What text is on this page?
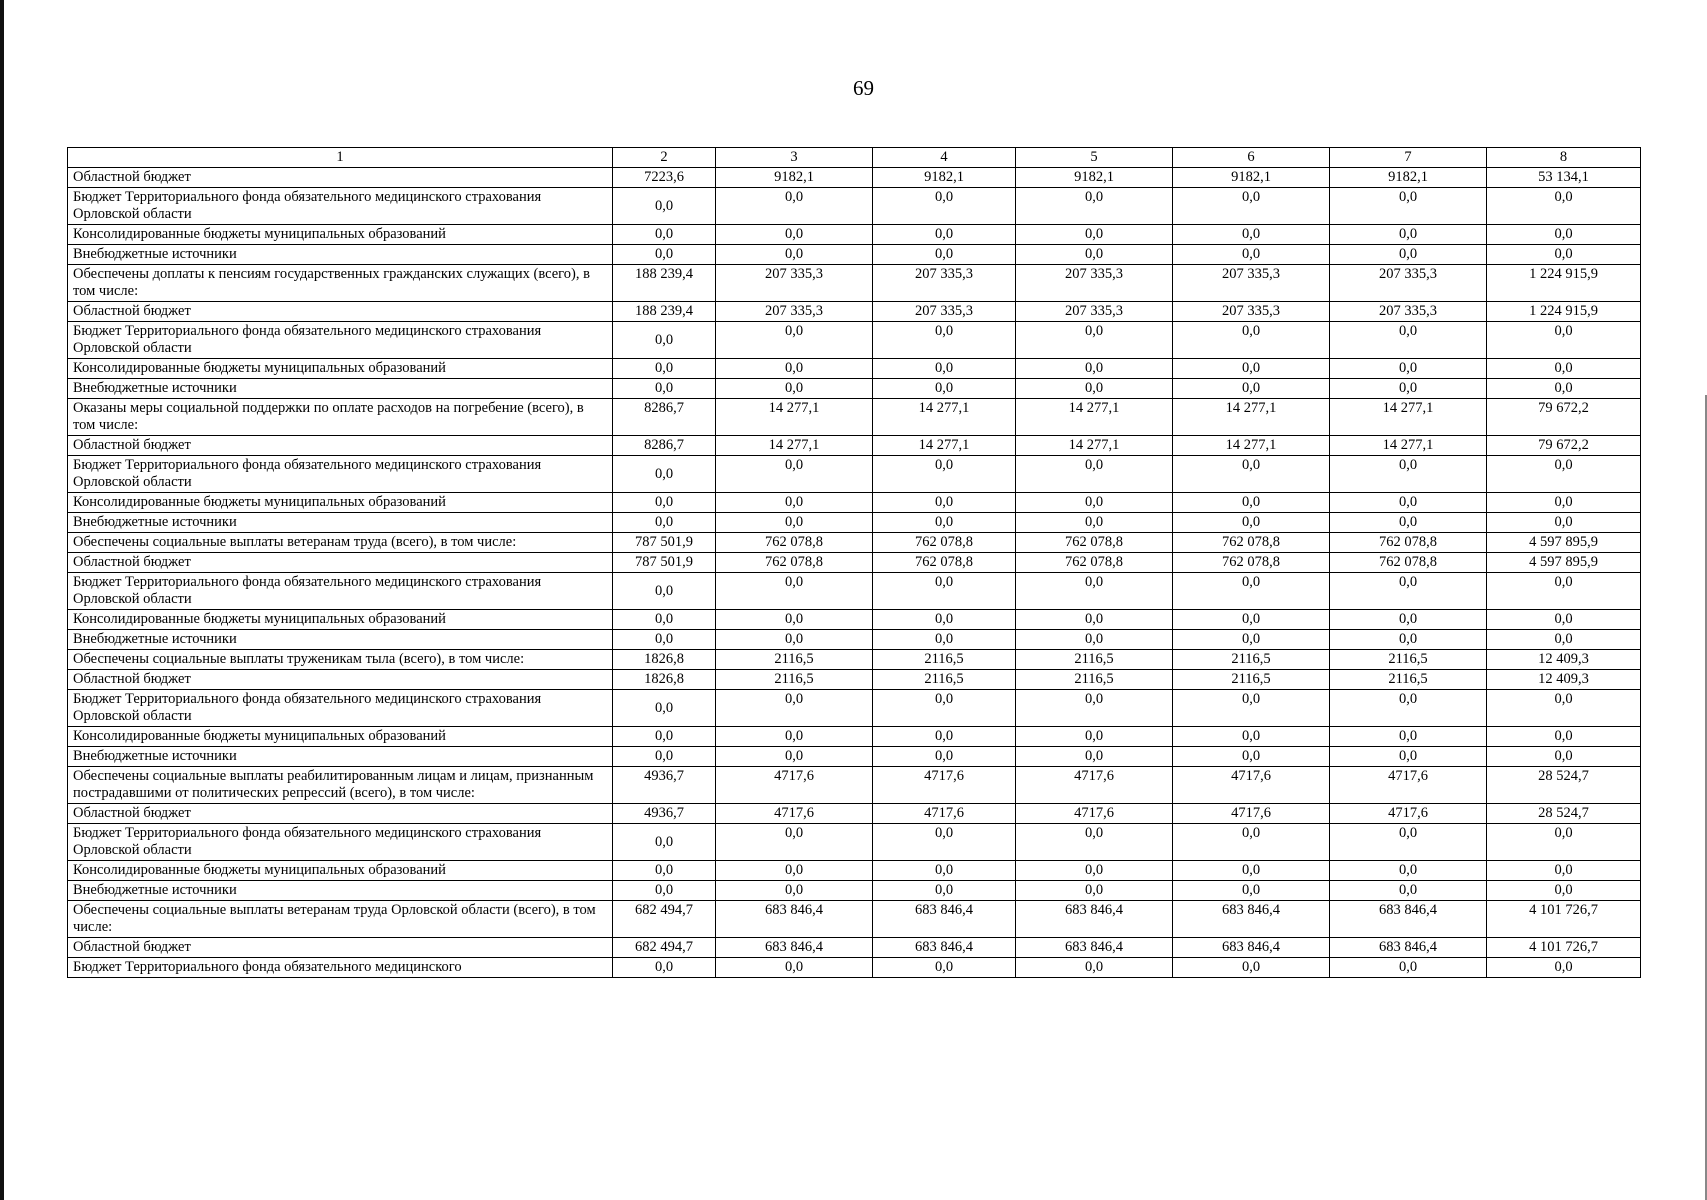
69
1	2	3	4	5	6	7	8
Областной бюджет	7223,6	9182,1	9182,1	9182,1	9182,1	9182,1	53 134,1
Бюджет Территориального фонда обязательного медицинского страхования Орловской области	0,0	0,0	0,0	0,0	0,0	0,0	0,0
Консолидированные бюджеты муниципальных образований	0,0	0,0	0,0	0,0	0,0	0,0	0,0
Внебюджетные источники	0,0	0,0	0,0	0,0	0,0	0,0	0,0
Обеспечены доплаты к пенсиям государственных гражданских служащих (всего), в том числе:	188 239,4	207 335,3	207 335,3	207 335,3	207 335,3	207 335,3	1 224 915,9
Областной бюджет	188 239,4	207 335,3	207 335,3	207 335,3	207 335,3	207 335,3	1 224 915,9
Бюджет Территориального фонда обязательного медицинского страхования Орловской области	0,0	0,0	0,0	0,0	0,0	0,0	0,0
Консолидированные бюджеты муниципальных образований	0,0	0,0	0,0	0,0	0,0	0,0	0,0
Внебюджетные источники	0,0	0,0	0,0	0,0	0,0	0,0	0,0
Оказаны меры социальной поддержки по оплате расходов на погребение (всего), в том числе:	8286,7	14 277,1	14 277,1	14 277,1	14 277,1	14 277,1	79 672,2
Областной бюджет	8286,7	14 277,1	14 277,1	14 277,1	14 277,1	14 277,1	79 672,2
Бюджет Территориального фонда обязательного медицинского страхования Орловской области	0,0	0,0	0,0	0,0	0,0	0,0	0,0
Консолидированные бюджеты муниципальных образований	0,0	0,0	0,0	0,0	0,0	0,0	0,0
Внебюджетные источники	0,0	0,0	0,0	0,0	0,0	0,0	0,0
Обеспечены социальные выплаты ветеранам труда (всего), в том числе:	787 501,9	762 078,8	762 078,8	762 078,8	762 078,8	762 078,8	4 597 895,9
Областной бюджет	787 501,9	762 078,8	762 078,8	762 078,8	762 078,8	762 078,8	4 597 895,9
Бюджет Территориального фонда обязательного медицинского страхования Орловской области	0,0	0,0	0,0	0,0	0,0	0,0	0,0
Консолидированные бюджеты муниципальных образований	0,0	0,0	0,0	0,0	0,0	0,0	0,0
Внебюджетные источники	0,0	0,0	0,0	0,0	0,0	0,0	0,0
Обеспечены социальные выплаты труженикам тыла (всего), в том числе:	1826,8	2116,5	2116,5	2116,5	2116,5	2116,5	12 409,3
Областной бюджет	1826,8	2116,5	2116,5	2116,5	2116,5	2116,5	12 409,3
Бюджет Территориального фонда обязательного медицинского страхования Орловской области	0,0	0,0	0,0	0,0	0,0	0,0	0,0
Консолидированные бюджеты муниципальных образований	0,0	0,0	0,0	0,0	0,0	0,0	0,0
Внебюджетные источники	0,0	0,0	0,0	0,0	0,0	0,0	0,0
Обеспечены социальные выплаты реабилитированным лицам и лицам, признанным пострадавшими от политических репрессий (всего), в том числе:	4936,7	4717,6	4717,6	4717,6	4717,6	4717,6	28 524,7
Областной бюджет	4936,7	4717,6	4717,6	4717,6	4717,6	4717,6	28 524,7
Бюджет Территориального фонда обязательного медицинского страхования Орловской области	0,0	0,0	0,0	0,0	0,0	0,0	0,0
Консолидированные бюджеты муниципальных образований	0,0	0,0	0,0	0,0	0,0	0,0	0,0
Внебюджетные источники	0,0	0,0	0,0	0,0	0,0	0,0	0,0
Обеспечены социальные выплаты ветеранам труда Орловской области (всего), в том числе:	682 494,7	683 846,4	683 846,4	683 846,4	683 846,4	683 846,4	4 101 726,7
Областной бюджет	682 494,7	683 846,4	683 846,4	683 846,4	683 846,4	683 846,4	4 101 726,7
Бюджет Территориального фонда обязательного медицинского	0,0	0,0	0,0	0,0	0,0	0,0	0,0
